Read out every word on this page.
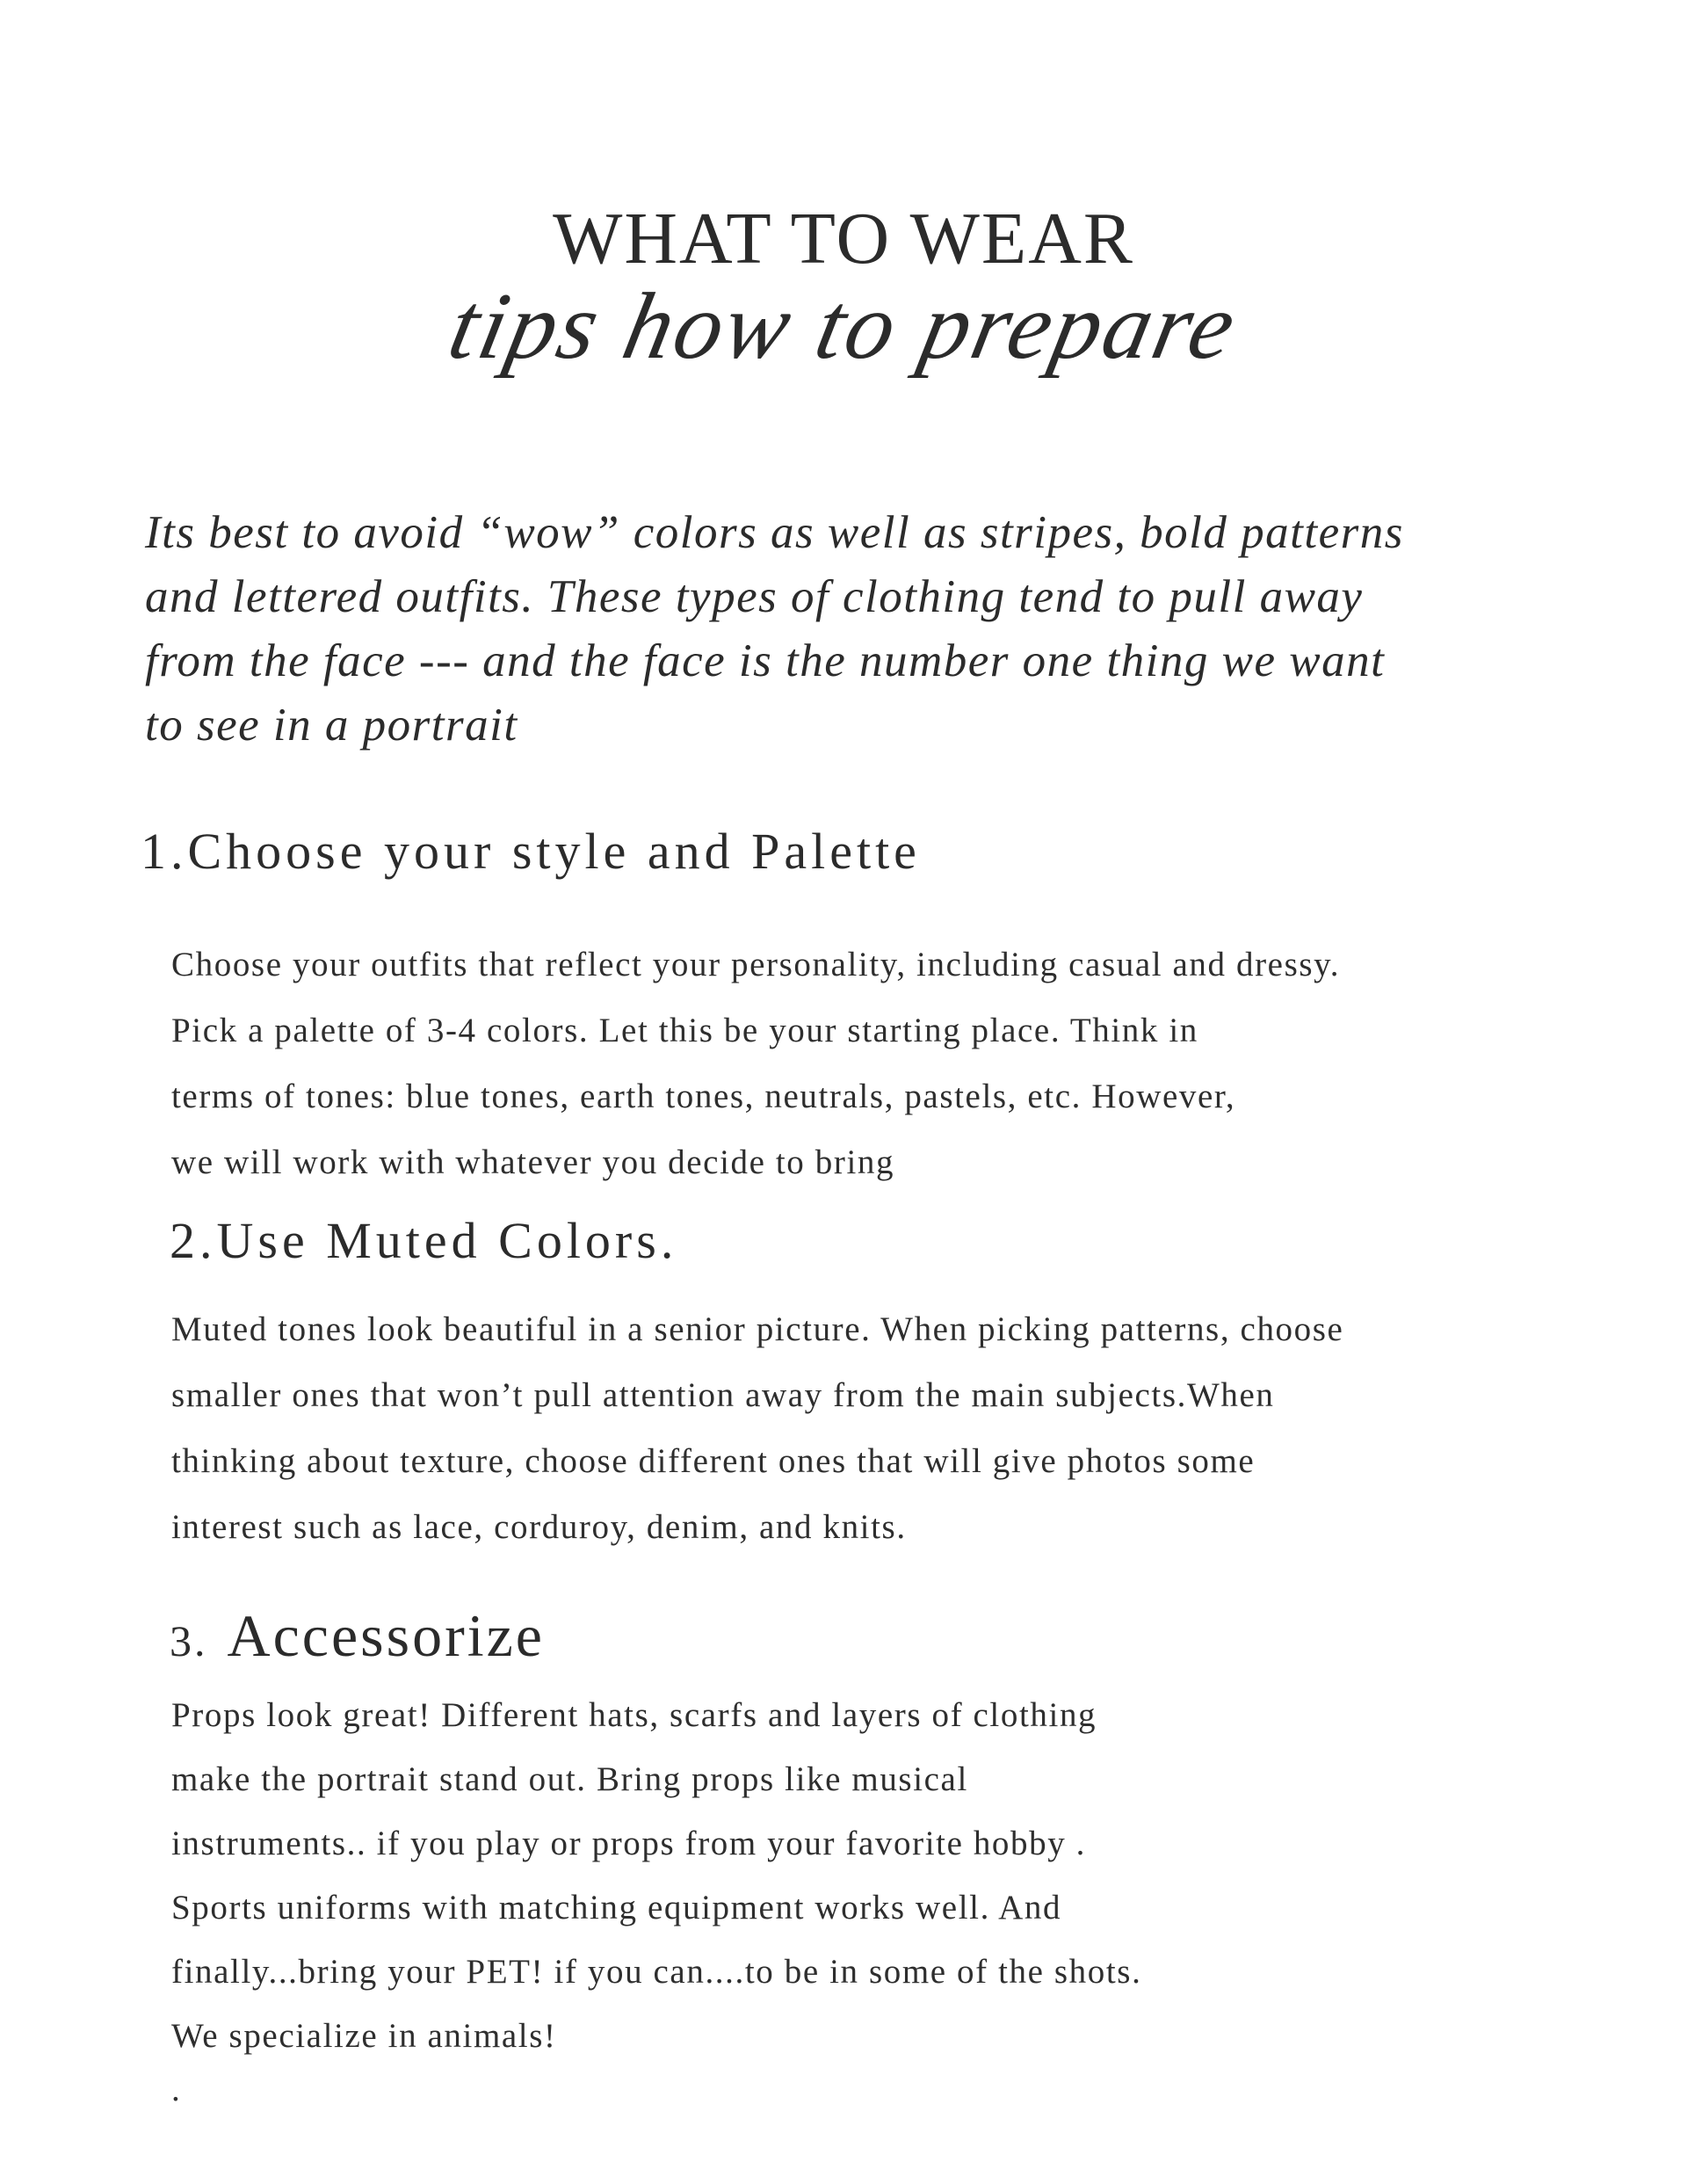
WHAT TO WEAR
tips how to prepare

Its best to avoid “wow” colors as well as stripes, bold patterns
and lettered outfits. These types of clothing tend to pull away
from the face --- and the face is the number one thing we want
to see in a portrait

1.Choose your style and Palette

Choose your outfits that reflect your personality, including casual and dressy.
Pick a palette of 3-4 colors. Let this be your starting place. Think in
terms of tones: blue tones, earth tones, neutrals, pastels, etc. However,
we will work with whatever you decide to bring

2.Use Muted Colors.

Muted tones look beautiful in a senior picture. When picking patterns, choose
smaller ones that won’t pull attention away from the main subjects.When
thinking about texture, choose different ones that will give photos some
interest such as lace, corduroy, denim, and knits.

3. Accessorize

Props look great! Different hats, scarfs and layers of clothing
make the portrait stand out. Bring props like musical
instruments.. if you play or props from your favorite hobby .
Sports uniforms with matching equipment works well. And
finally...bring your PET! if you can....to be in some of the shots.
We specialize in animals!

.
